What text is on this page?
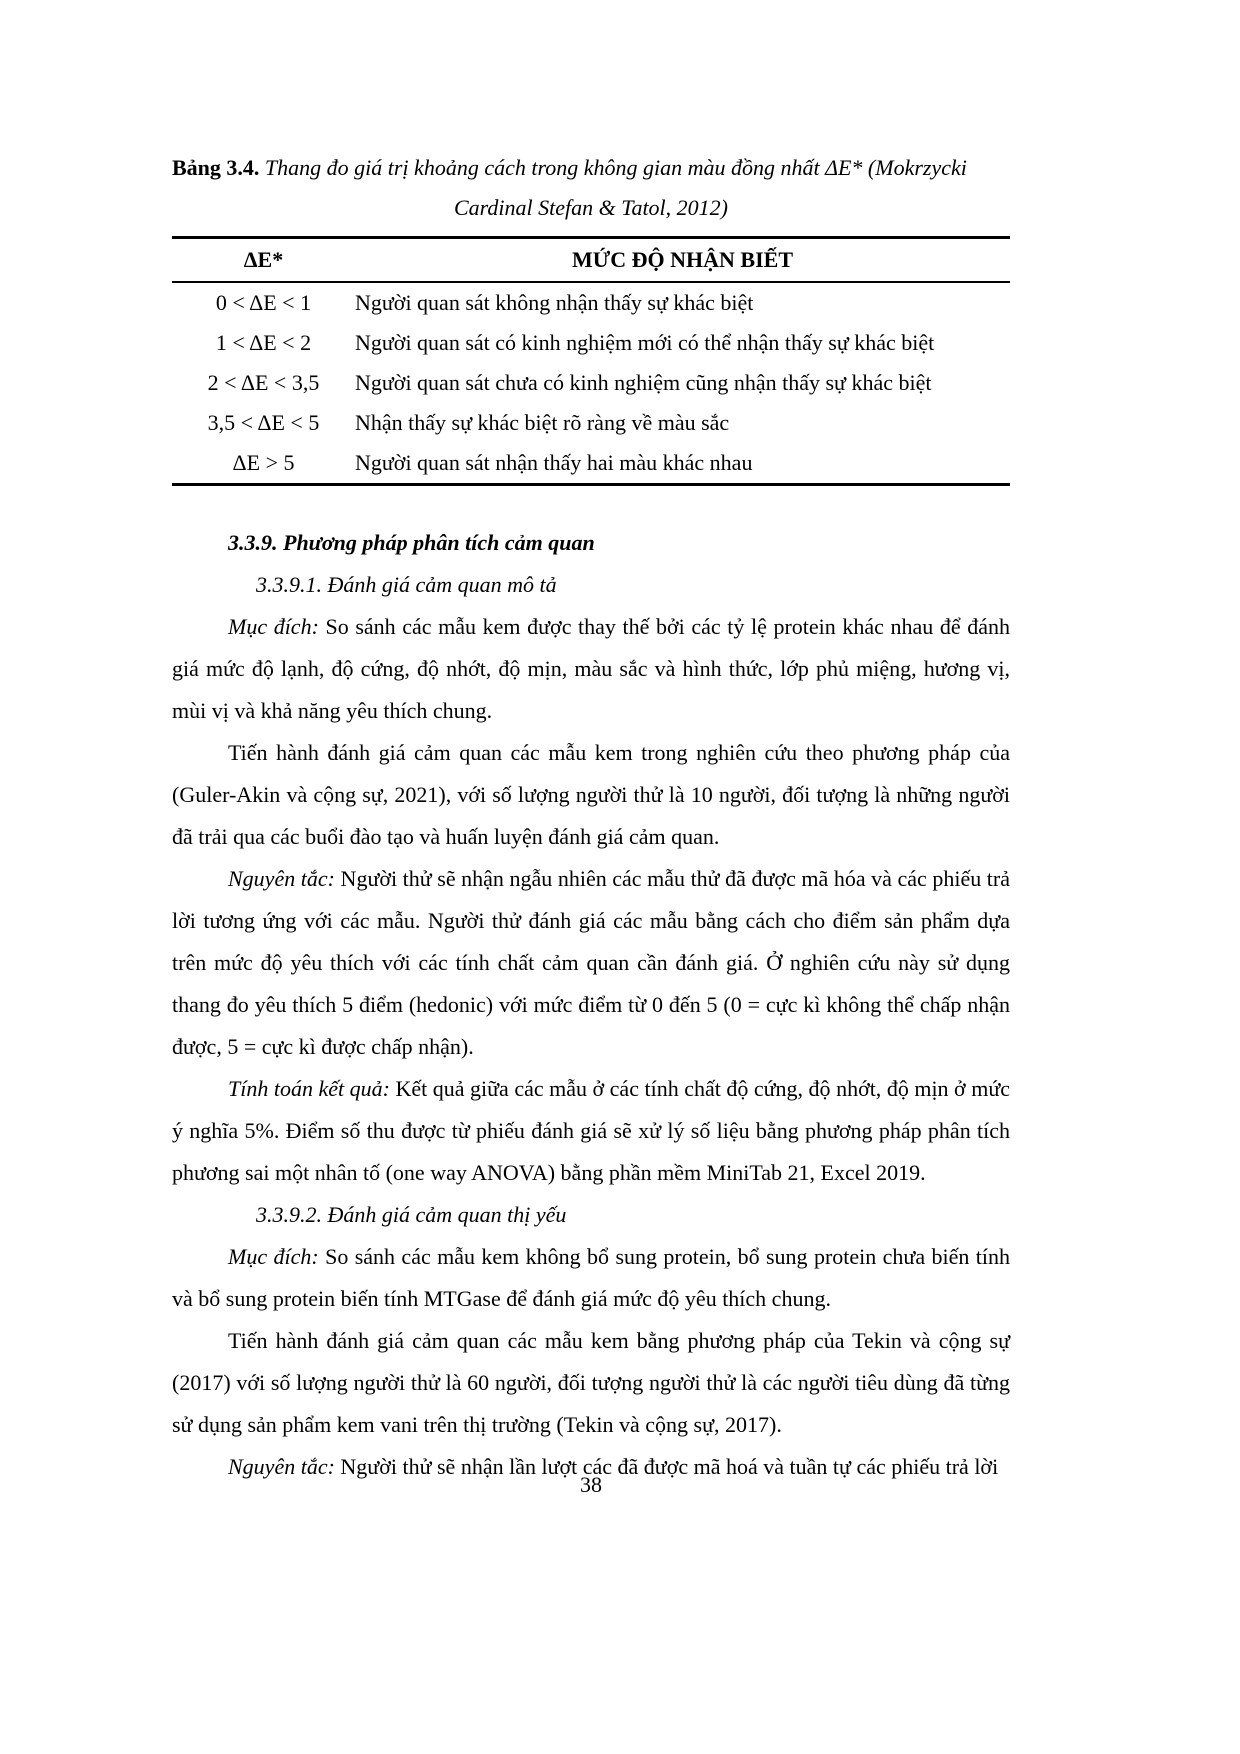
Bảng 3.4. Thang đo giá trị khoảng cách trong không gian màu đồng nhất ΔE* (Mokrzycki
Cardinal Stefan & Tatol, 2012)
ΔE*	MỨC ĐỘ NHẬN BIẾT
0 < ΔE < 1	Người quan sát không nhận thấy sự khác biệt
1 < ΔE < 2	Người quan sát có kinh nghiệm mới có thể nhận thấy sự khác biệt
2 < ΔE < 3,5	Người quan sát chưa có kinh nghiệm cũng nhận thấy sự khác biệt
3,5 < ΔE < 5	Nhận thấy sự khác biệt rõ ràng về màu sắc
ΔE > 5	Người quan sát nhận thấy hai màu khác nhau

3.3.9. Phương pháp phân tích cảm quan

3.3.9.1. Đánh giá cảm quan mô tả

Mục đích: So sánh các mẫu kem được thay thế bởi các tỷ lệ protein khác nhau để đánh giá mức độ lạnh, độ cứng, độ nhớt, độ mịn, màu sắc và hình thức, lớp phủ miệng, hương vị, mùi vị và khả năng yêu thích chung.

Tiến hành đánh giá cảm quan các mẫu kem trong nghiên cứu theo phương pháp của (Guler-Akin và cộng sự, 2021), với số lượng người thử là 10 người, đối tượng là những người đã trải qua các buổi đào tạo và huấn luyện đánh giá cảm quan.

Nguyên tắc: Người thử sẽ nhận ngẫu nhiên các mẫu thử đã được mã hóa và các phiếu trả lời tương ứng với các mẫu. Người thử đánh giá các mẫu bằng cách cho điểm sản phẩm dựa trên mức độ yêu thích với các tính chất cảm quan cần đánh giá. Ở nghiên cứu này sử dụng thang đo yêu thích 5 điểm (hedonic) với mức điểm từ 0 đến 5 (0 = cực kì không thể chấp nhận được, 5 = cực kì được chấp nhận).

Tính toán kết quả: Kết quả giữa các mẫu ở các tính chất độ cứng, độ nhớt, độ mịn ở mức ý nghĩa 5%. Điểm số thu được từ phiếu đánh giá sẽ xử lý số liệu bằng phương pháp phân tích phương sai một nhân tố (one way ANOVA) bằng phần mềm MiniTab 21, Excel 2019.

3.3.9.2. Đánh giá cảm quan thị yếu

Mục đích: So sánh các mẫu kem không bổ sung protein, bổ sung protein chưa biến tính và bổ sung protein biến tính MTGase để đánh giá mức độ yêu thích chung.

Tiến hành đánh giá cảm quan các mẫu kem bằng phương pháp của Tekin và cộng sự (2017) với số lượng người thử là 60 người, đối tượng người thử là các người tiêu dùng đã từng sử dụng sản phẩm kem vani trên thị trường (Tekin và cộng sự, 2017).

Nguyên tắc: Người thử sẽ nhận lần lượt các đã được mã hoá và tuần tự các phiếu trả lời

38
